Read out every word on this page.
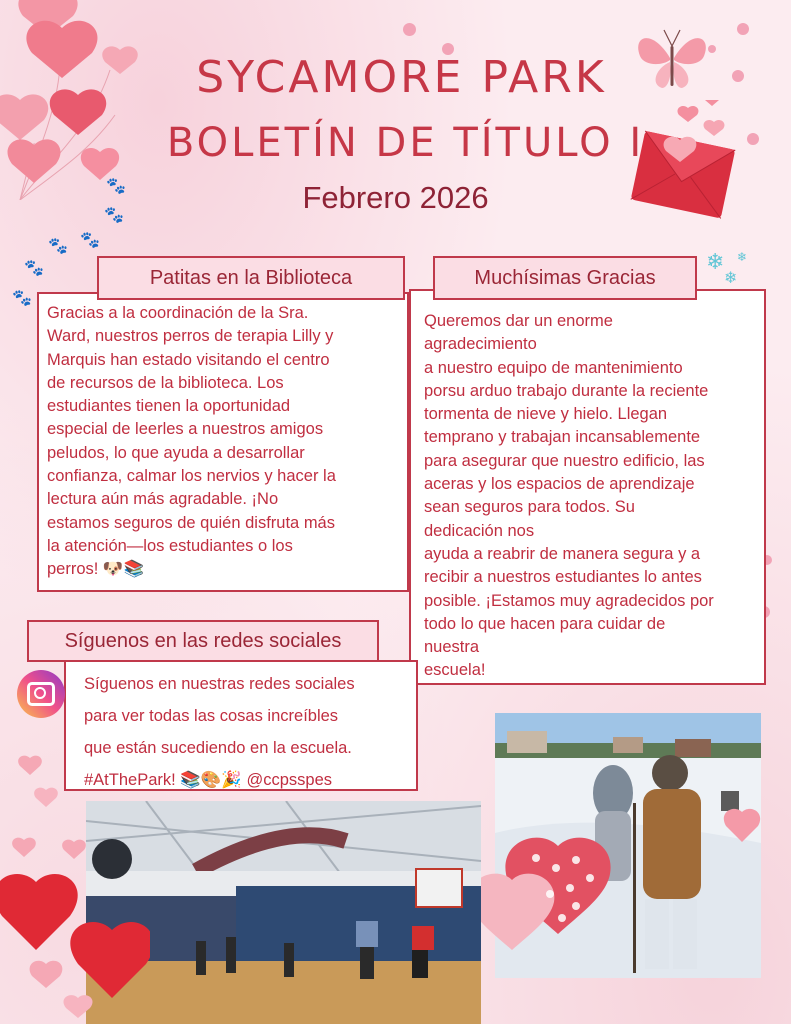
🐾
🐾
🐾
🐾
🐾
🐾
❄
❄
❄
SYCAMORE PARK
BOLETÍN DE TÍTULO I
Febrero 2026

Gracias a la coordinación de la Sra.

Ward, nuestros perros de terapia Lilly y

Marquis han estado visitando el centro

de recursos de la biblioteca. Los

estudiantes tienen la oportunidad

especial de leerles a nuestros amigos

peludos, lo que ayuda a desarrollar

confianza, calmar los nervios y hacer la

lectura aún más agradable. ¡No

estamos seguros de quién disfruta más

la atención—los estudiantes o los

perros! 🐶📚

Patitas en la Biblioteca

Queremos dar un enorme

agradecimiento

a nuestro equipo de mantenimiento

porsu arduo trabajo durante la reciente

tormenta de nieve y hielo. Llegan

temprano y trabajan incansablemente

para asegurar que nuestro edificio, las

aceras y los espacios de aprendizaje

sean seguros para todos. Su

dedicación nos

ayuda a reabrir de manera segura y a

recibir a nuestros estudiantes lo antes

posible. ¡Estamos muy agradecidos por

todo lo que hacen para cuidar de

nuestra

escuela!

Muchísimas Gracias

Síguenos en nuestras redes sociales

para ver todas las cosas increíbles

que están sucediendo en la escuela.

#AtThePark! 📚🎨🎉 @ccpsspes

Síguenos en las redes sociales
